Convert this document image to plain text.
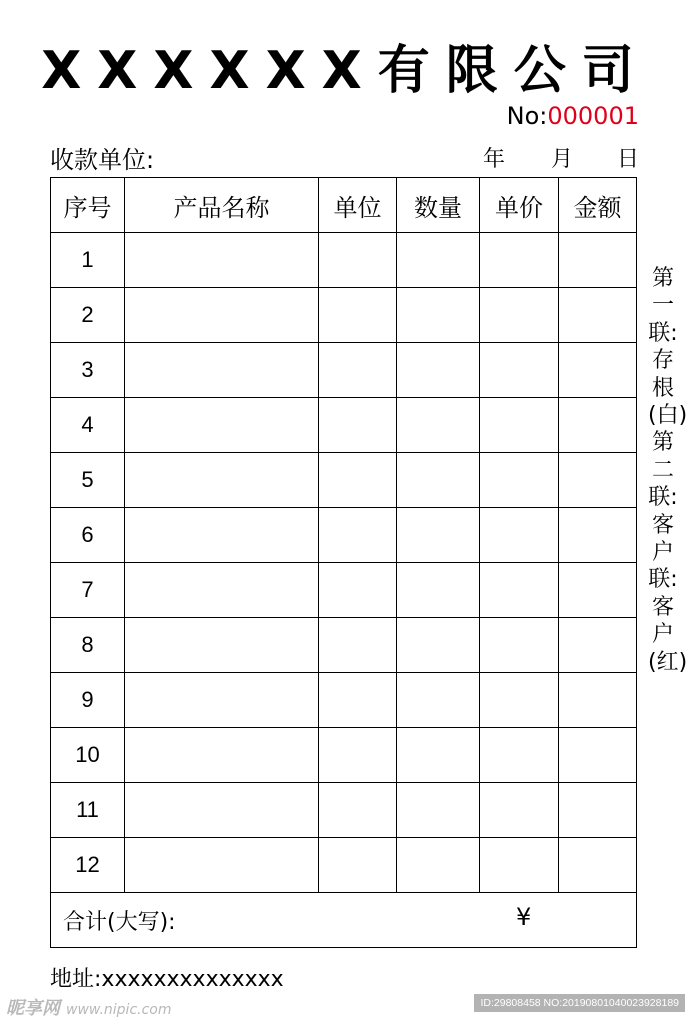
XXXXXX有限公司
No:000001
收款单位:	年 月 日
序号	产品名称	单位	数量	单价	金额
1					
2					
3					
4					
5					
6					
7					
8					
9					
10					
11					
12					

合计(大写): ¥					
第一联:存根(白)第二联:客户联:客户(红)
地址:xxxxxxxxxxxxxx
昵享网 www.nipic.com	ID:29808458 NO:20190801040023928189
